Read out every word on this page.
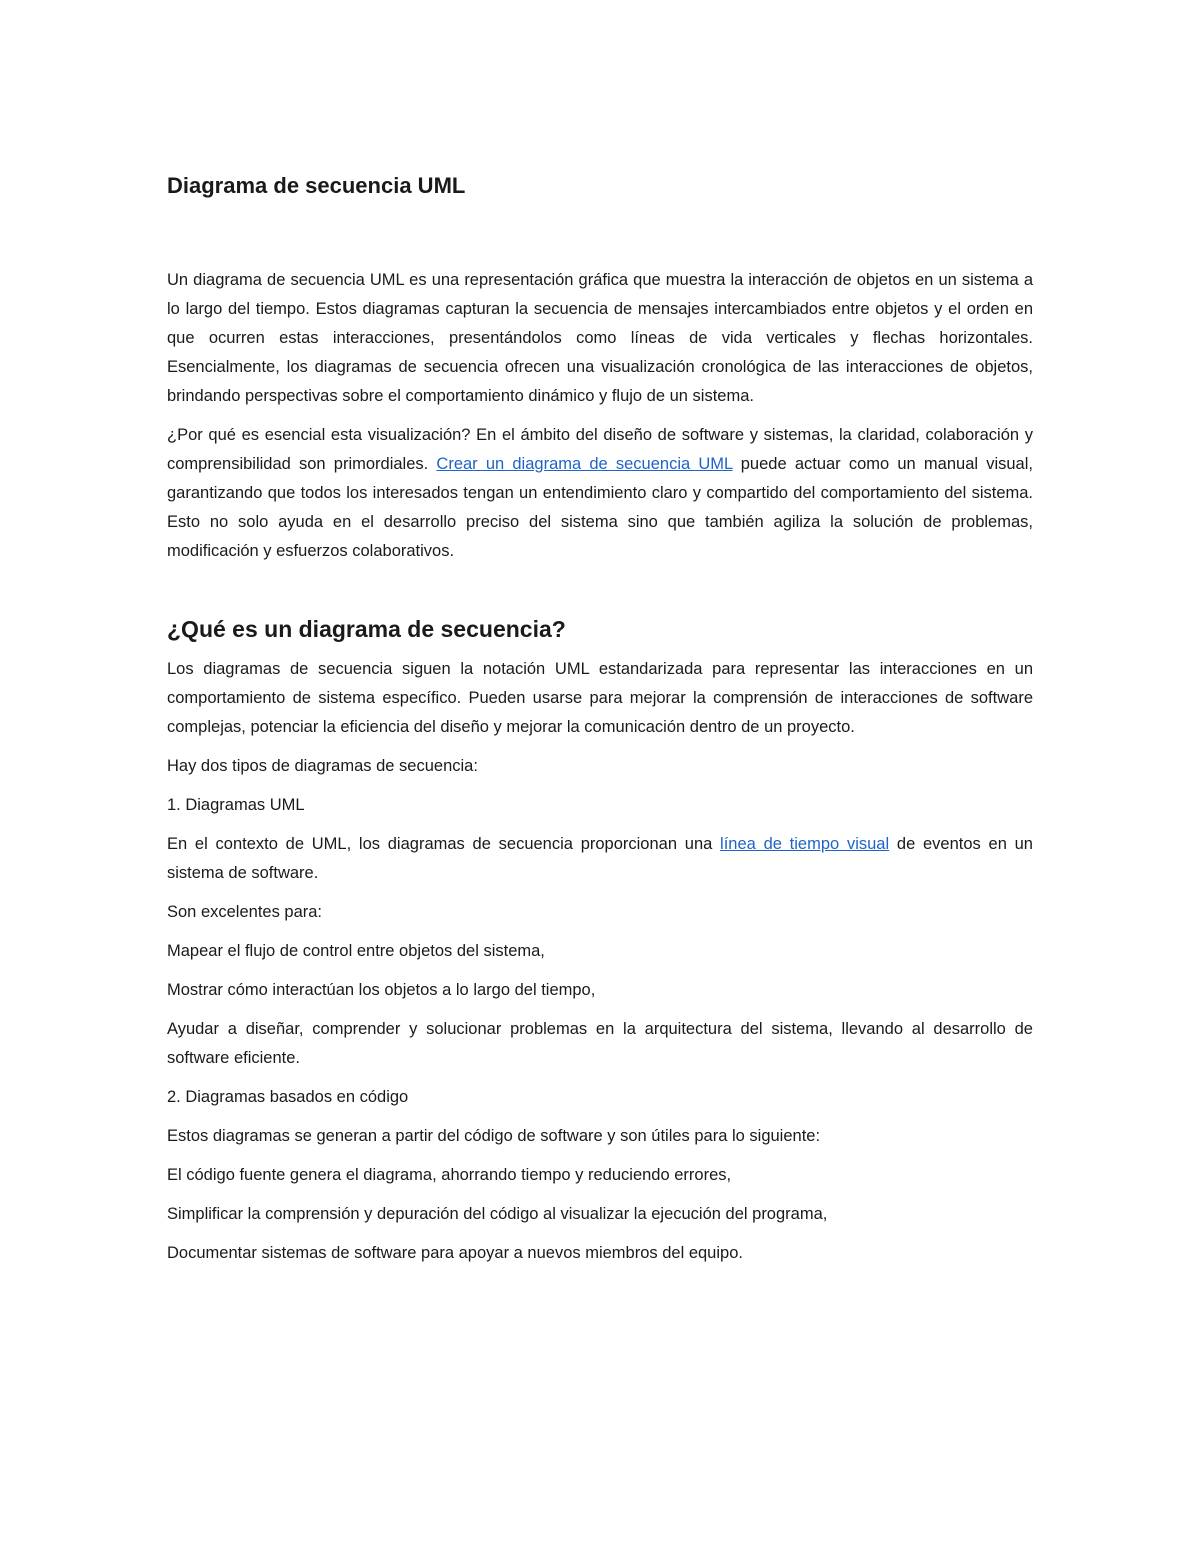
Diagrama de secuencia UML

Un diagrama de secuencia UML es una representación gráfica que muestra la interacción de objetos en un sistema a lo largo del tiempo. Estos diagramas capturan la secuencia de mensajes intercambiados entre objetos y el orden en que ocurren estas interacciones, presentándolos como líneas de vida verticales y flechas horizontales. Esencialmente, los diagramas de secuencia ofrecen una visualización cronológica de las interacciones de objetos, brindando perspectivas sobre el comportamiento dinámico y flujo de un sistema.

¿Por qué es esencial esta visualización? En el ámbito del diseño de software y sistemas, la claridad, colaboración y comprensibilidad son primordiales. Crear un diagrama de secuencia UML puede actuar como un manual visual, garantizando que todos los interesados tengan un entendimiento claro y compartido del comportamiento del sistema. Esto no solo ayuda en el desarrollo preciso del sistema sino que también agiliza la solución de problemas, modificación y esfuerzos colaborativos.

¿Qué es un diagrama de secuencia?

Los diagramas de secuencia siguen la notación UML estandarizada para representar las interacciones en un comportamiento de sistema específico. Pueden usarse para mejorar la comprensión de interacciones de software complejas, potenciar la eficiencia del diseño y mejorar la comunicación dentro de un proyecto.

Hay dos tipos de diagramas de secuencia:

1. Diagramas UML

En el contexto de UML, los diagramas de secuencia proporcionan una línea de tiempo visual de eventos en un sistema de software.

Son excelentes para:

Mapear el flujo de control entre objetos del sistema,

Mostrar cómo interactúan los objetos a lo largo del tiempo,

Ayudar a diseñar, comprender y solucionar problemas en la arquitectura del sistema, llevando al desarrollo de software eficiente.

2. Diagramas basados en código

Estos diagramas se generan a partir del código de software y son útiles para lo siguiente:

El código fuente genera el diagrama, ahorrando tiempo y reduciendo errores,

Simplificar la comprensión y depuración del código al visualizar la ejecución del programa,

Documentar sistemas de software para apoyar a nuevos miembros del equipo.
